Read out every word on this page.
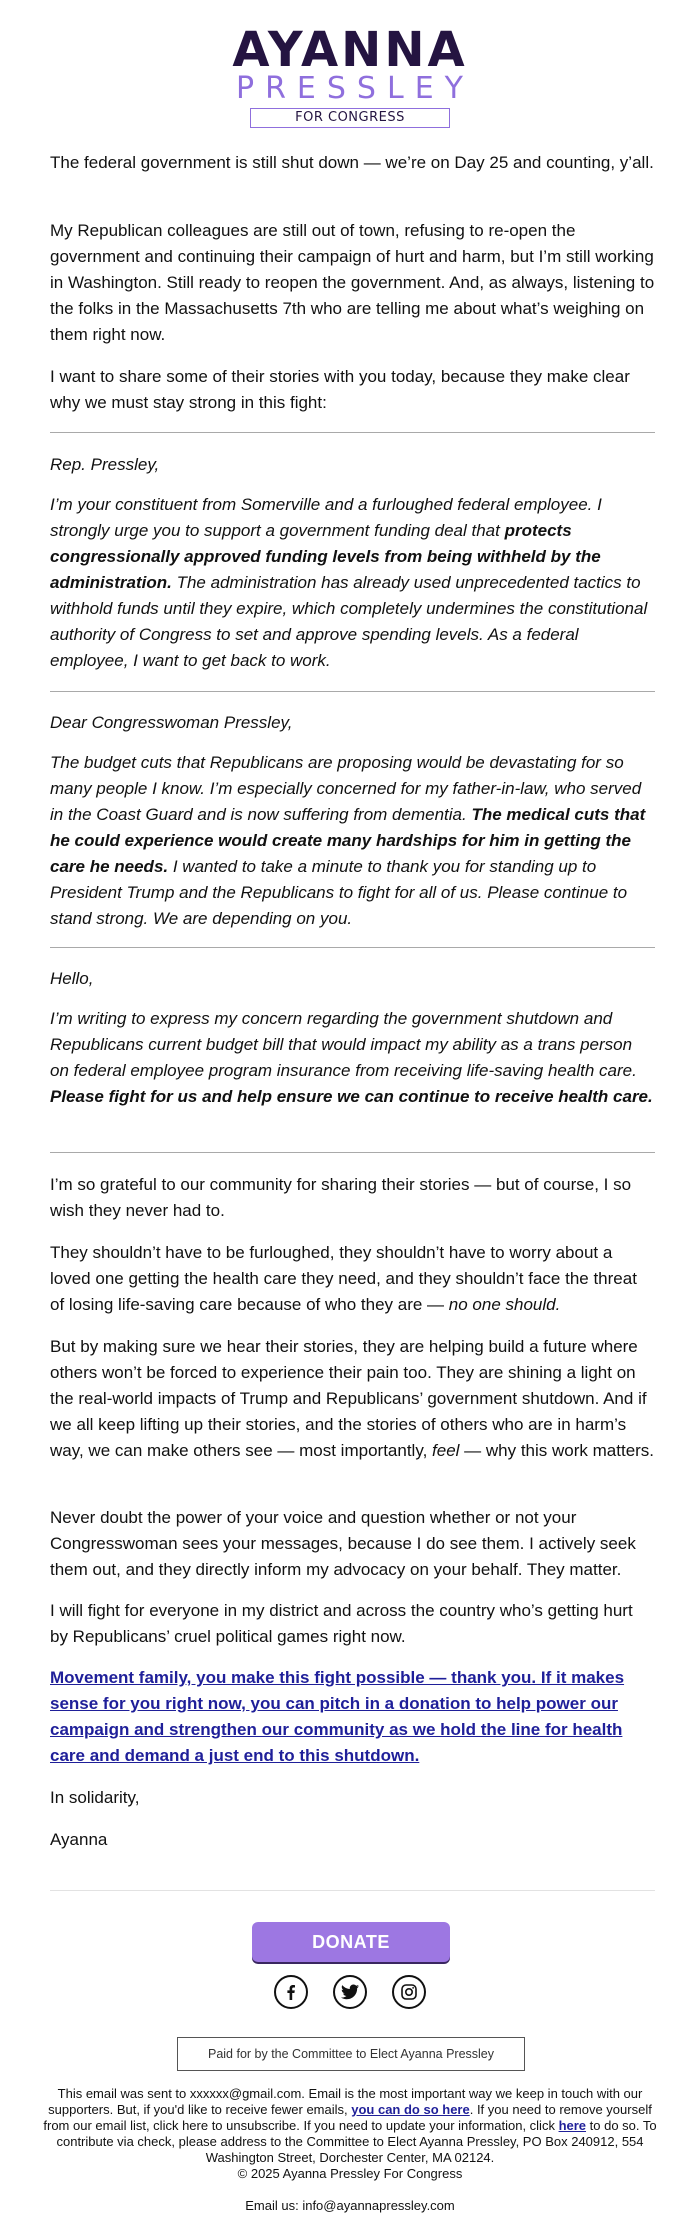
AYANNA
PRESSLEY
FOR CONGRESS
The federal government is still shut down — we’re on Day 25 and counting, y’all.
My Republican colleagues are still out of town, refusing to re-open the government and continuing their campaign of hurt and harm, but I’m still working in Washington. Still ready to reopen the government. And, as always, listening to the folks in the Massachusetts 7th who are telling me about what’s weighing on them right now.
I want to share some of their stories with you today, because they make clear why we must stay strong in this fight:
Rep. Pressley,
I’m your constituent from Somerville and a furloughed federal employee. I strongly urge you to support a government funding deal that protects congressionally approved funding levels from being withheld by the administration. The administration has already used unprecedented tactics to withhold funds until they expire, which completely undermines the constitutional authority of Congress to set and approve spending levels. As a federal employee, I want to get back to work.
Dear Congresswoman Pressley,
The budget cuts that Republicans are proposing would be devastating for so many people I know. I’m especially concerned for my father-in-law, who served in the Coast Guard and is now suffering from dementia. The medical cuts that he could experience would create many hardships for him in getting the care he needs. I wanted to take a minute to thank you for standing up to President Trump and the Republicans to fight for all of us. Please continue to stand strong. We are depending on you.
Hello,
I’m writing to express my concern regarding the government shutdown and Republicans current budget bill that would impact my ability as a trans person on federal employee program insurance from receiving life-saving health care. Please fight for us and help ensure we can continue to receive health care.
I’m so grateful to our community for sharing their stories — but of course, I so wish they never had to.
They shouldn’t have to be furloughed, they shouldn’t have to worry about a loved one getting the health care they need, and they shouldn’t face the threat of losing life-saving care because of who they are — no one should.
But by making sure we hear their stories, they are helping build a future where others won’t be forced to experience their pain too. They are shining a light on the real-world impacts of Trump and Republicans’ government shutdown. And if we all keep lifting up their stories, and the stories of others who are in harm’s way, we can make others see — most importantly, feel — why this work matters.
Never doubt the power of your voice and question whether or not your Congresswoman sees your messages, because I do see them. I actively seek them out, and they directly inform my advocacy on your behalf. They matter.
I will fight for everyone in my district and across the country who’s getting hurt by Republicans’ cruel political games right now.
Movement family, you make this fight possible — thank you. If it makes sense for you right now, you can pitch in a donation to help power our campaign and strengthen our community as we hold the line for health care and demand a just end to this shutdown.
In solidarity,
Ayanna
DONATE
Paid for by the Committee to Elect Ayanna Pressley
This email was sent to xxxxxx@gmail.com. Email is the most important way we keep in touch with our supporters. But, if you'd like to receive fewer emails, you can do so here. If you need to remove yourself from our email list, click here to unsubscribe. If you need to update your information, click here to do so. To contribute via check, please address to the Committee to Elect Ayanna Pressley, PO Box 240912, 554 Washington Street, Dorchester Center, MA 02124.
© 2025 Ayanna Pressley For Congress
Email us: info@ayannapressley.com
